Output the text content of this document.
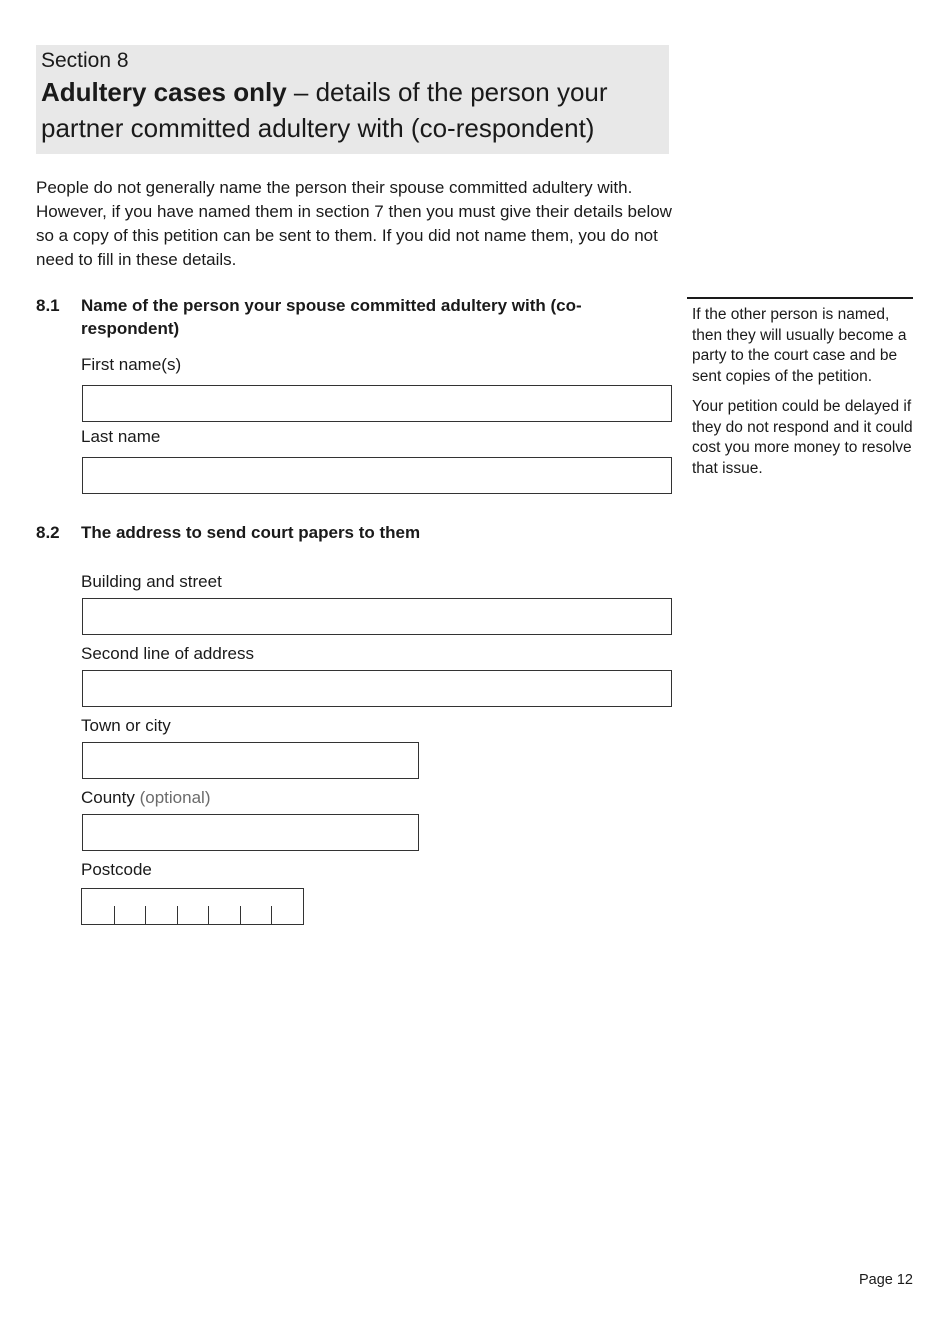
Section 8
Adultery cases only – details of the person your partner committed adultery with (co-respondent)

People do not generally name the person their spouse committed adultery with. However, if you have named them in section 7 then you must give their details below so a copy of this petition can be sent to them. If you did not name them, you do not need to fill in these details.

8.1 Name of the person your spouse committed adultery with (co-respondent)
First name(s)
Last name
8.2 The address to send court papers to them
Building and street
Second line of address
Town or city
County (optional)
Postcode

If the other person is named, then they will usually become a party to the court case and be sent copies of the petition.

Your petition could be delayed if they do not respond and it could cost you more money to resolve that issue.

Page 12
